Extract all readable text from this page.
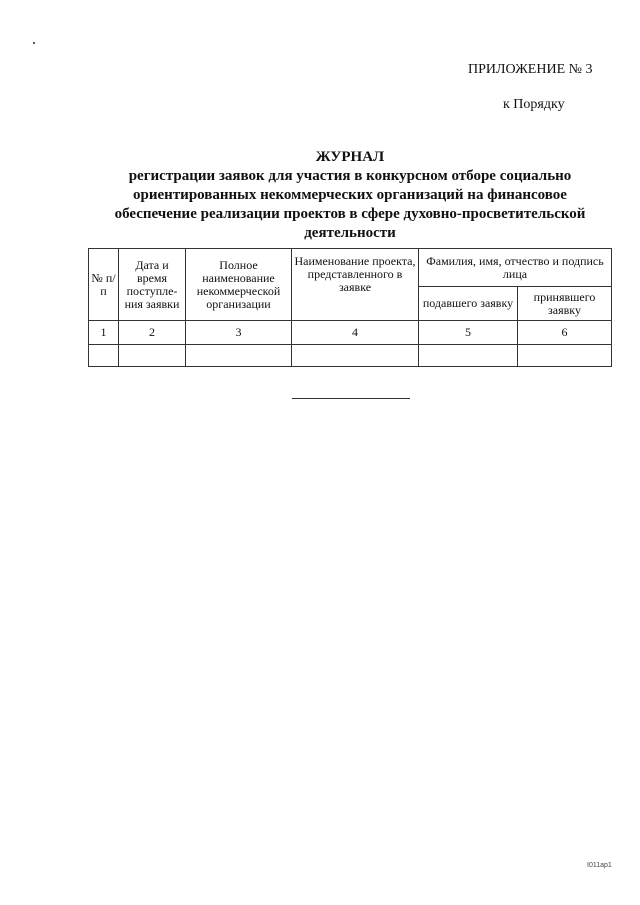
ПРИЛОЖЕНИЕ № 3
к Порядку
ЖУРНАЛ
регистрации заявок для участия в конкурсном отборе социально
ориентированных некоммерческих организаций на финансовое
обеспечение реализации проектов в сфере духовно-просветительской
деятельности
№ п/п	Дата и время поступле-ния заявки	Полное наименование некоммерческой организации	Наименование проекта, представленного в заявке	Фамилия, имя, отчество и подпись лица	
				подавшего заявку	принявшего заявку
1	2	3	4	5	6

I011ap1
